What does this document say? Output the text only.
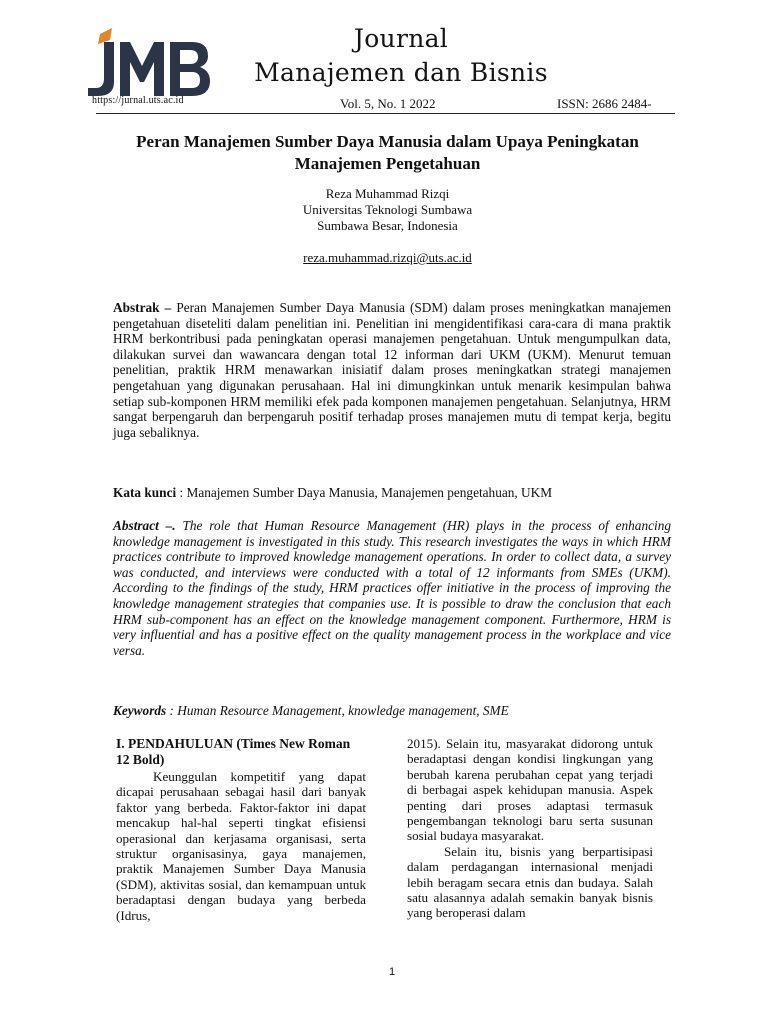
JMB
https://jurnal.uts.ac.id
Journal
Manajemen dan Bisnis
Vol. 5, No. 1 2022	ISSN: 2686 2484-
Peran Manajemen Sumber Daya Manusia dalam Upaya Peningkatan Manajemen Pengetahuan
Reza Muhammad Rizqi
Universitas Teknologi Sumbawa
Sumbawa Besar, Indonesia
reza.muhammad.rizqi@uts.ac.id
Abstrak – Peran Manajemen Sumber Daya Manusia (SDM) dalam proses meningkatkan manajemen pengetahuan diseteliti dalam penelitian ini. Penelitian ini mengidentifikasi cara-cara di mana praktik HRM berkontribusi pada peningkatan operasi manajemen pengetahuan. Untuk mengumpulkan data, dilakukan survei dan wawancara dengan total 12 informan dari UKM (UKM). Menurut temuan penelitian, praktik HRM menawarkan inisiatif dalam proses meningkatkan strategi manajemen pengetahuan yang digunakan perusahaan. Hal ini dimungkinkan untuk menarik kesimpulan bahwa setiap sub-komponen HRM memiliki efek pada komponen manajemen pengetahuan. Selanjutnya, HRM sangat berpengaruh dan berpengaruh positif terhadap proses manajemen mutu di tempat kerja, begitu juga sebaliknya.
Kata kunci : Manajemen Sumber Daya Manusia, Manajemen pengetahuan, UKM
Abstract –. The role that Human Resource Management (HR) plays in the process of enhancing knowledge management is investigated in this study. This research investigates the ways in which HRM practices contribute to improved knowledge management operations. In order to collect data, a survey was conducted, and interviews were conducted with a total of 12 informants from SMEs (UKM). According to the findings of the study, HRM practices offer initiative in the process of improving the knowledge management strategies that companies use. It is possible to draw the conclusion that each HRM sub-component has an effect on the knowledge management component. Furthermore, HRM is very influential and has a positive effect on the quality management process in the workplace and vice versa.
Keywords : Human Resource Management, knowledge management, SME
I. PENDAHULUAN (Times New Roman 12 Bold)

Keunggulan kompetitif yang dapat dicapai perusahaan sebagai hasil dari banyak faktor yang berbeda. Faktor-faktor ini dapat mencakup hal-hal seperti tingkat efisiensi operasional dan kerjasama organisasi, serta struktur organisasinya, gaya manajemen, praktik Manajemen Sumber Daya Manusia (SDM), aktivitas sosial, dan kemampuan untuk beradaptasi dengan budaya yang berbeda (Idrus,

2015). Selain itu, masyarakat didorong untuk beradaptasi dengan kondisi lingkungan yang berubah karena perubahan cepat yang terjadi di berbagai aspek kehidupan manusia. Aspek penting dari proses adaptasi termasuk pengembangan teknologi baru serta susunan sosial budaya masyarakat.

Selain itu, bisnis yang berpartisipasi dalam perdagangan internasional menjadi lebih beragam secara etnis dan budaya. Salah satu alasannya adalah semakin banyak bisnis yang beroperasi dalam

1
